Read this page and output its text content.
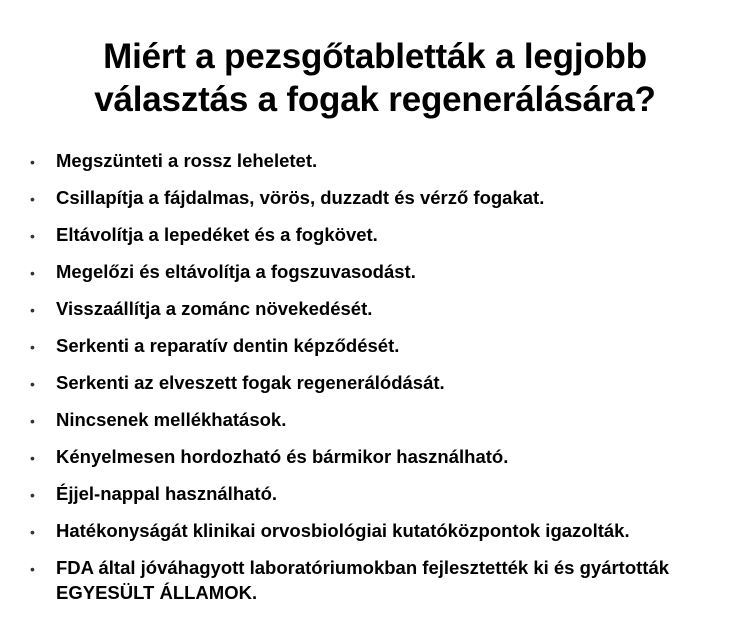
Miért a pezsgőtabletták a legjobb
választás a fogak regenerálására?
•	Megszünteti a rossz leheletet.
•	Csillapítja a fájdalmas, vörös, duzzadt és vérző fogakat.
•	Eltávolítja a lepedéket és a fogkövet.
•	Megelőzi és eltávolítja a fogszuvasodást.
•	Visszaállítja a zománc növekedését.
•	Serkenti a reparatív dentin képződését.
•	Serkenti az elveszett fogak regenerálódását.
•	Nincsenek mellékhatások.
•	Kényelmesen hordozható és bármikor használható.
•	Éjjel-nappal használható.
•	Hatékonyságát klinikai orvosbiológiai kutatóközpontok igazolták.
•	FDA által jóváhagyott laboratóriumokban fejlesztették ki és gyártották EGYESÜLT ÁLLAMOK.
